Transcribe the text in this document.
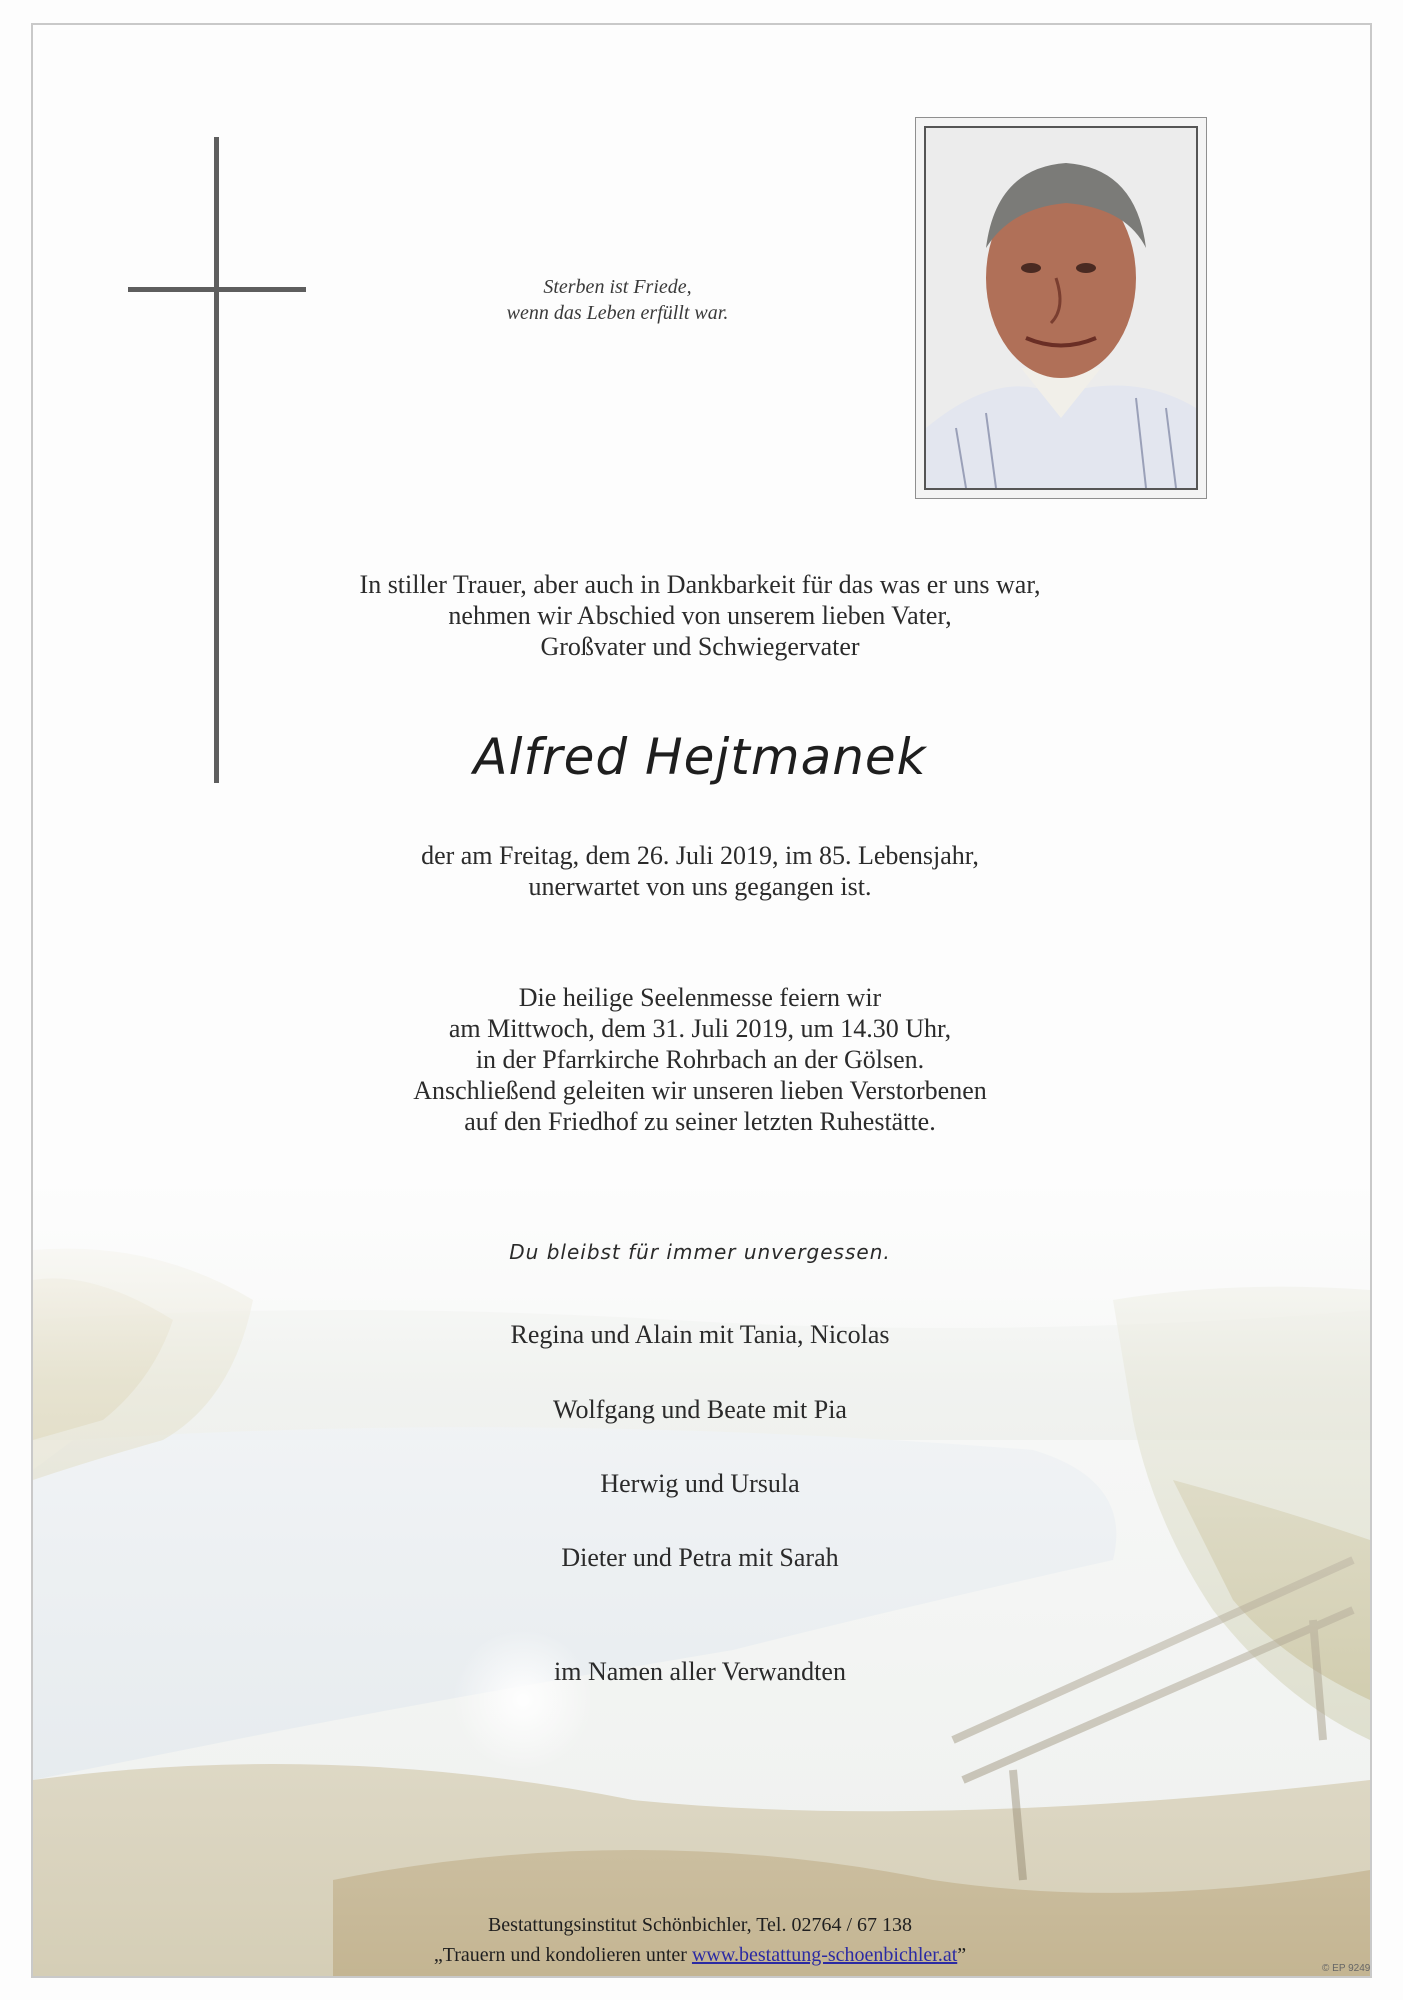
Sterben ist Friede,
wenn das Leben erfüllt war.
In stiller Trauer, aber auch in Dankbarkeit für das was er uns war,
nehmen wir Abschied von unserem lieben Vater,
Großvater und Schwiegervater
Alfred Hejtmanek
der am Freitag, dem 26. Juli 2019, im 85. Lebensjahr,
unerwartet von uns gegangen ist.
Die heilige Seelenmesse feiern wir
am Mittwoch, dem 31. Juli 2019, um 14.30 Uhr,
in der Pfarrkirche Rohrbach an der Gölsen.
Anschließend geleiten wir unseren lieben Verstorbenen
auf den Friedhof zu seiner letzten Ruhestätte.
Du bleibst für immer unvergessen.
Regina und Alain mit Tania, Nicolas
Wolfgang und Beate mit Pia
Herwig und Ursula
Dieter und Petra mit Sarah
im Namen aller Verwandten
Bestattungsinstitut Schönbichler, Tel. 02764 / 67 138
„Trauern und kondolieren unter www.bestattung-schoenbichler.at”
© EP 9249
